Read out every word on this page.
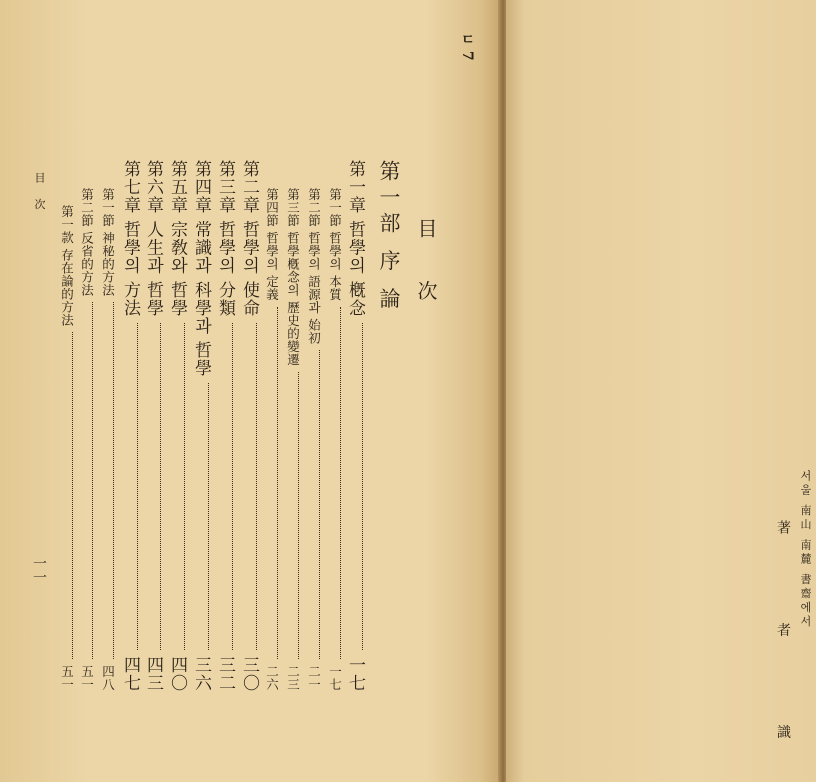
ㄷ 7
目 次
第一部 序 論
第一章 哲學의 槪念
一七
第一節 哲學의 本質
一七
第二節 哲學의 語源과 始初
二一
第三節 哲學槪念의 歷史的變遷
二三
第四節 哲學의 定義
二六
第二章 哲學의 使命
三〇
第三章 哲學의 分類
三二
第四章 常識과 科學과 哲學
三六
第五章 宗敎와 哲學
四〇
第六章 人生과 哲學
四三
第七章 哲學의 方法
四七
第一節 神秘的方法
四八
第二節 反省的方法
五一
第一款 存在論的方法
五一
目 次
一一	서울 南山 南麓 書齋에서
著 者 識
